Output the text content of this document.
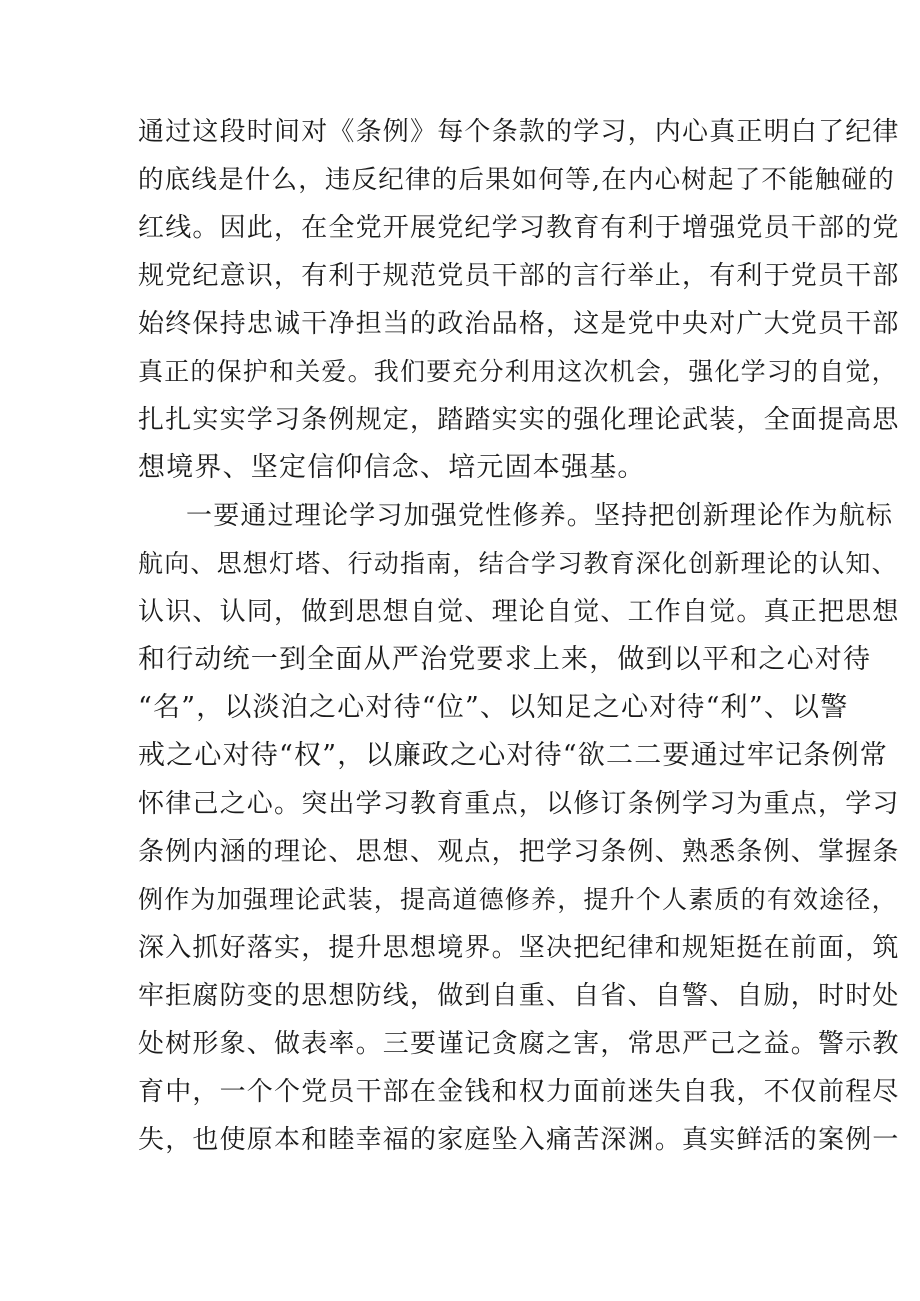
通过这段时间对《条例》每个条款的学习，内心真正明白了纪律
的底线是什么，违反纪律的后果如何等,在内心树起了不能触碰的
红线。因此，在全党开展党纪学习教育有利于增强党员干部的党
规党纪意识，有利于规范党员干部的言行举止，有利于党员干部
始终保持忠诚干净担当的政治品格，这是党中央对广大党员干部
真正的保护和关爱。我们要充分利用这次机会，强化学习的自觉，
扎扎实实学习条例规定，踏踏实实的强化理论武装，全面提高思
想境界、坚定信仰信念、培元固本强基。
一要通过理论学习加强党性修养。坚持把创新理论作为航标
航向、思想灯塔、行动指南，结合学习教育深化创新理论的认知、
认识、认同，做到思想自觉、理论自觉、工作自觉。真正把思想
和行动统一到全面从严治党要求上来，做到以平和之心对待
“名”，以淡泊之心对待“位”、以知足之心对待“利”、以警
戒之心对待“权”，以廉政之心对待“欲二二要通过牢记条例常
怀律己之心。突出学习教育重点，以修订条例学习为重点，学习
条例内涵的理论、思想、观点，把学习条例、熟悉条例、掌握条
例作为加强理论武装，提高道德修养，提升个人素质的有效途径，
深入抓好落实，提升思想境界。坚决把纪律和规矩挺在前面，筑
牢拒腐防变的思想防线，做到自重、自省、自警、自励，时时处
处树形象、做表率。三要谨记贪腐之害，常思严己之益。警示教
育中，一个个党员干部在金钱和权力面前迷失自我，不仅前程尽
失，也使原本和睦幸福的家庭坠入痛苦深渊。真实鲜活的案例一
